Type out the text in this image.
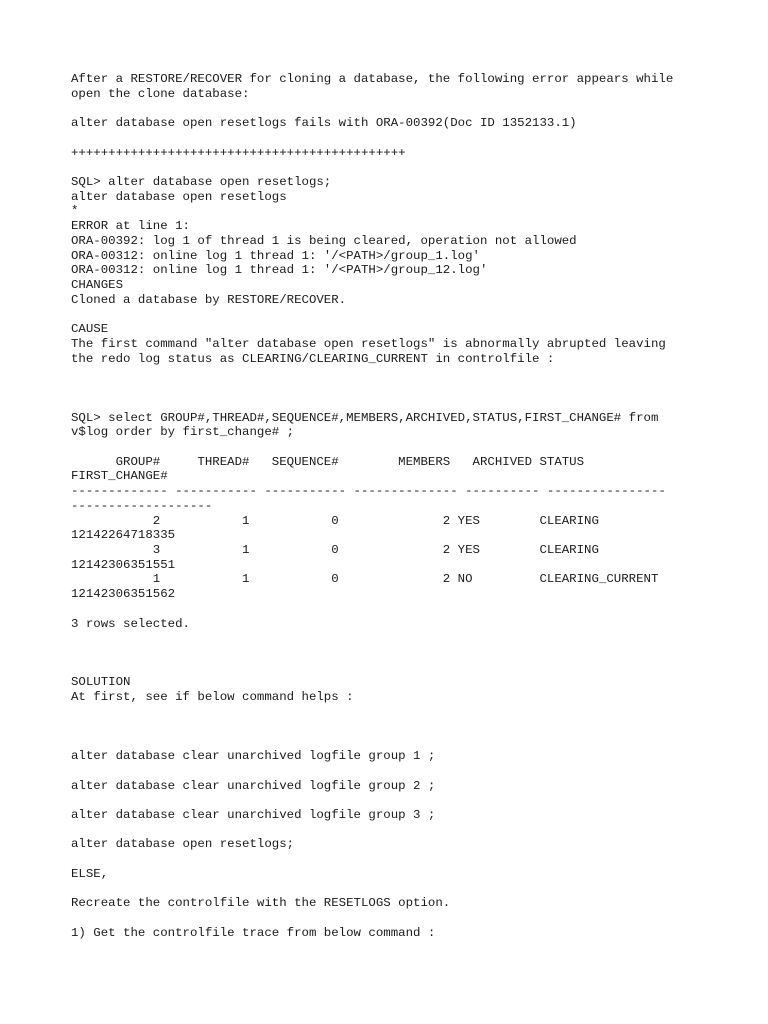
After a RESTORE/RECOVER for cloning a database, the following error appears while
open the clone database:
alter database open resetlogs fails with ORA-00392(Doc ID 1352133.1)
+++++++++++++++++++++++++++++++++++++++++++++
SQL> alter database open resetlogs;
alter database open resetlogs
*
ERROR at line 1:
ORA-00392: log 1 of thread 1 is being cleared, operation not allowed
ORA-00312: online log 1 thread 1: '/<PATH>/group_1.log'
ORA-00312: online log 1 thread 1: '/<PATH>/group_12.log'
CHANGES
Cloned a database by RESTORE/RECOVER.
CAUSE
The first command "alter database open resetlogs" is abnormally abrupted leaving
the redo log status as CLEARING/CLEARING_CURRENT in controlfile :
SQL> select GROUP#,THREAD#,SEQUENCE#,MEMBERS,ARCHIVED,STATUS,FIRST_CHANGE# from
v$log order by first_change# ;
GROUP#     THREAD#   SEQUENCE#        MEMBERS   ARCHIVED STATUS
FIRST_CHANGE#
------------- ----------- ----------- -------------- ---------- ----------------
-------------------
2           1           0              2 YES        CLEARING
12142264718335
3           1           0              2 YES        CLEARING
12142306351551
1           1           0              2 NO         CLEARING_CURRENT
12142306351562
3 rows selected.
SOLUTION
At first, see if below command helps :
alter database clear unarchived logfile group 1 ;
alter database clear unarchived logfile group 2 ;
alter database clear unarchived logfile group 3 ;
alter database open resetlogs;
ELSE,
Recreate the controlfile with the RESETLOGS option.
1) Get the controlfile trace from below command :
